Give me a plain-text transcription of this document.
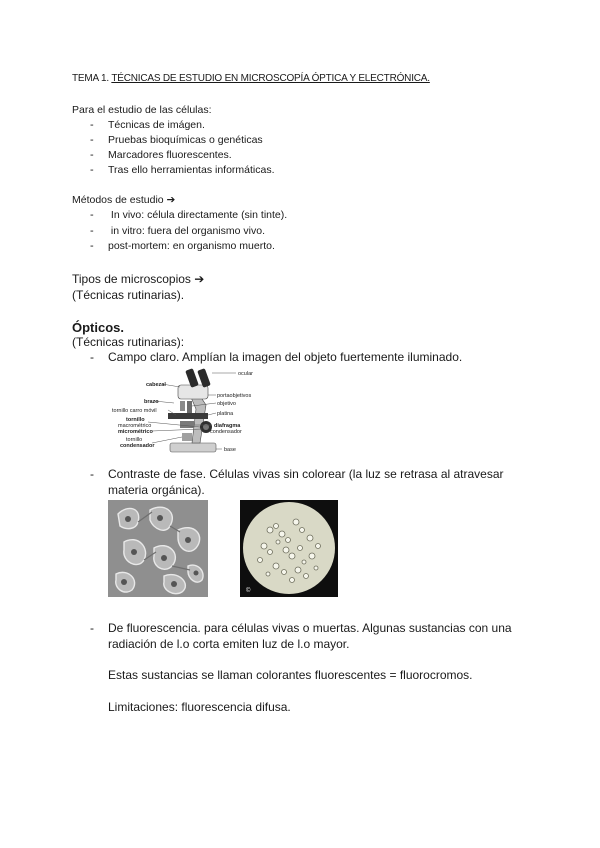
TEMA 1. TÉCNICAS DE ESTUDIO EN MICROSCOPÍA ÓPTICA Y ELECTRÓNICA.
Para el estudio de las células:
- Técnicas de imágen.
- Pruebas bioquímicas o genéticas
- Marcadores fluorescentes.
- Tras ello herramientas informáticas.
Métodos de estudio ➔
- In vivo: célula directamente (sin tinte).
- in vitro: fuera del organismo vivo.
- post-mortem: en organismo muerto.
Tipos de microscopios ➔
(Técnicas rutinarias).
Ópticos.
(Técnicas rutinarias):
- Campo claro. Amplían la imagen del objeto fuertemente iluminado.
ocular
cabezal
portaobjetivos
objetivo
brazo
platina
tornillo carro móvil
tornillo
macrométrico
micrométrico
diafragma
condensador
tornillo
condensador
base
- Contraste de fase. Células vivas sin colorear (la luz se retrasa al atravesar
materia orgánica).
©
- De fluorescencia. para células vivas o muertas. Algunas sustancias con una
radiación de l.o corta emiten luz de l.o mayor.
Estas sustancias se llaman colorantes fluorescentes = fluorocromos.
Limitaciones: fluorescencia difusa.
